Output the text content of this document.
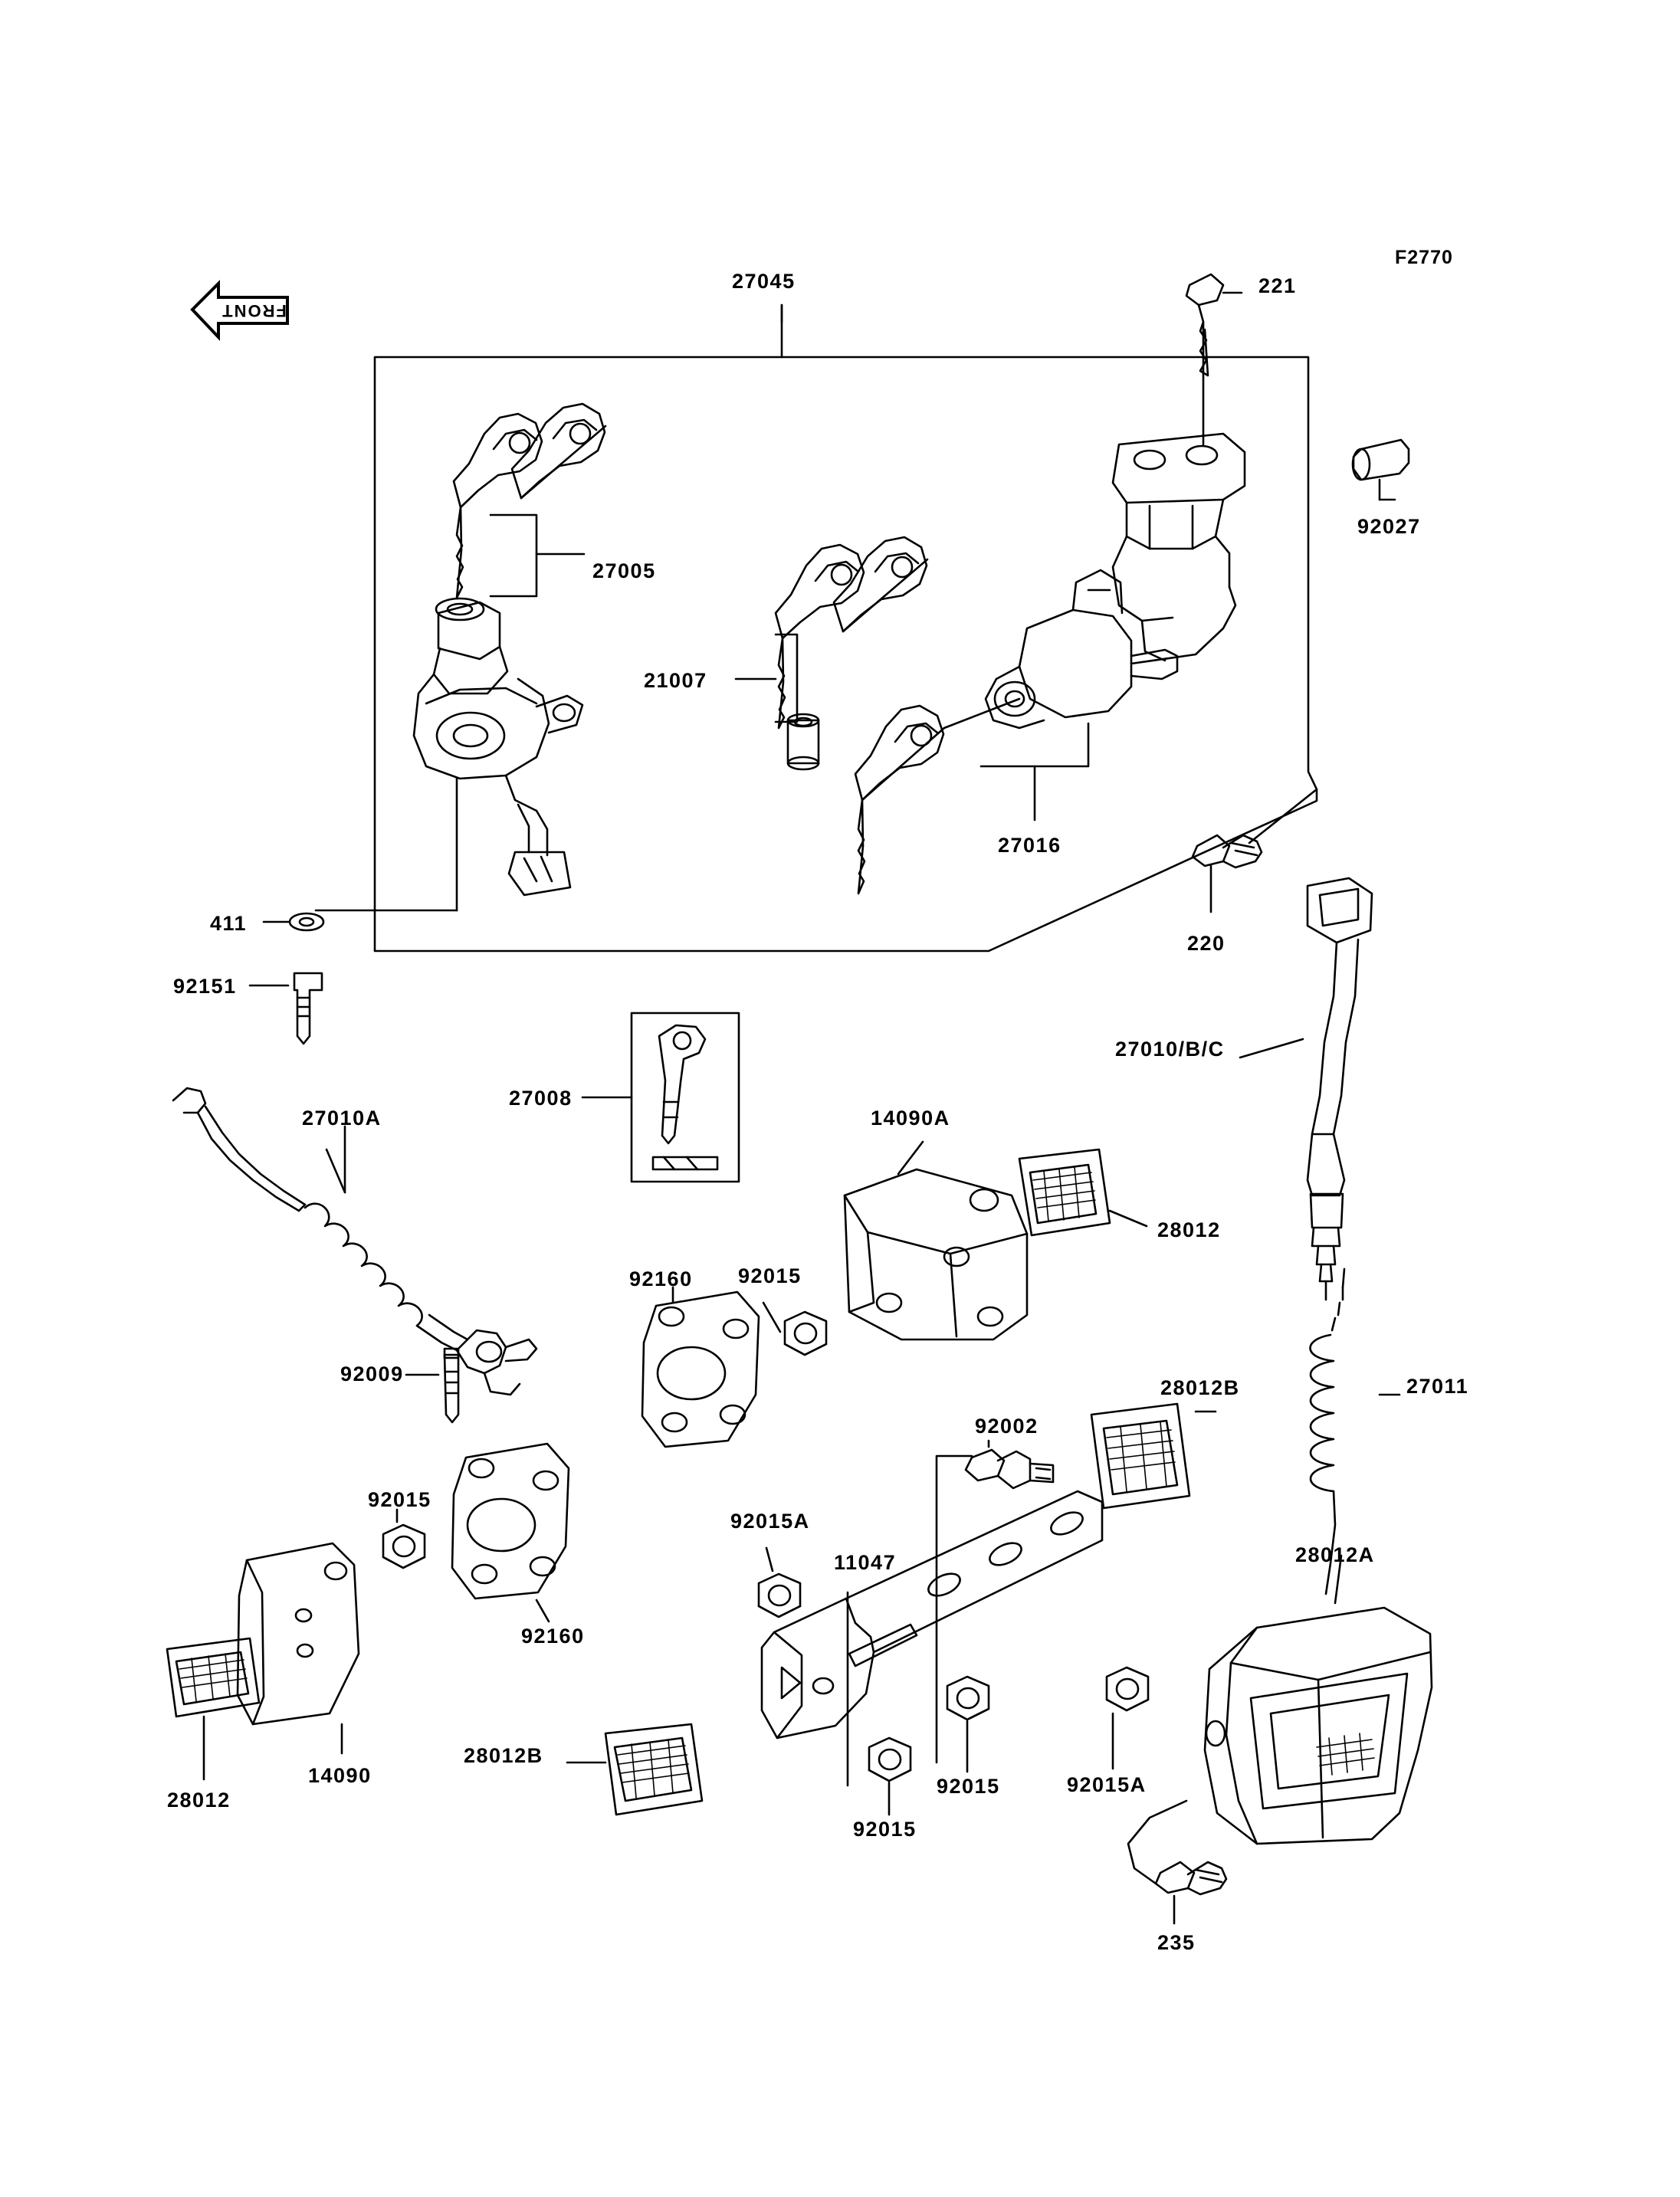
F2770
FRONT
27045	221
92027
27005
21007
27016
411
220
92151
27008
27010/B/C
27010A	14090A
28012
92160 92015
92009
27011
28012B
92002
92015
92015A
11047	28012A
92160
14090
28012B
28012
92015
92015
92015A
235
